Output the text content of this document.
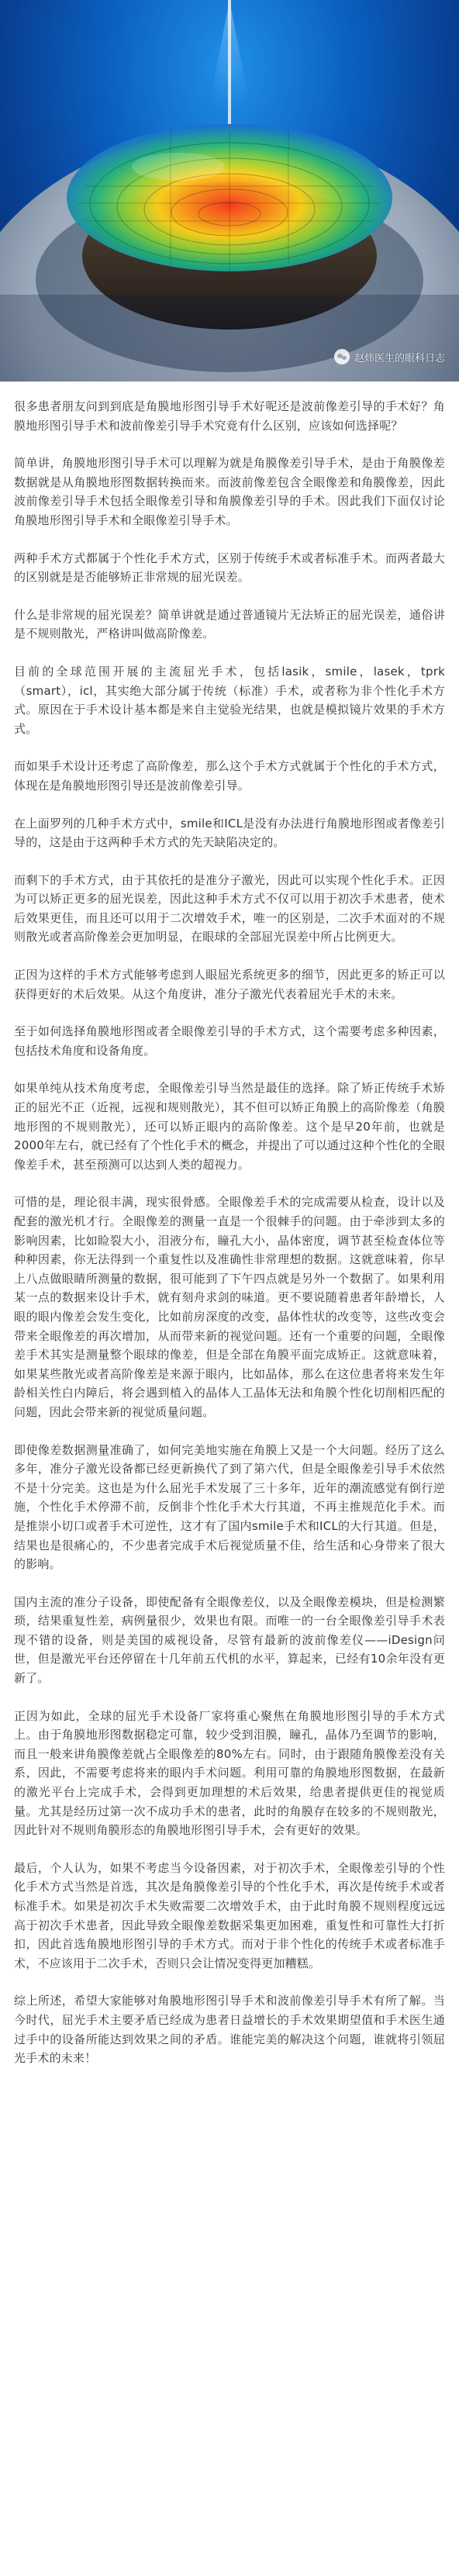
赵炜医生的眼科日志

很多患者朋友问到到底是角膜地形图引导手术好呢还是波前像差引导的手术好？角膜地形图引导手术和波前像差引导手术究竟有什么区别，应该如何选择呢？

简单讲，角膜地形图引导手术可以理解为就是角膜像差引导手术，是由于角膜像差数据就是从角膜地形图数据转换而来。而波前像差包含全眼像差和角膜像差，因此波前像差引导手术包括全眼像差引导和角膜像差引导的手术。因此我们下面仅讨论角膜地形图引导手术和全眼像差引导手术。

两种手术方式都属于个性化手术方式，区别于传统手术或者标准手术。而两者最大的区别就是是否能够矫正非常规的屈光误差。

什么是非常规的屈光误差？简单讲就是通过普通镜片无法矫正的屈光误差，通俗讲是不规则散光，严格讲叫做高阶像差。

目前的全球范围开展的主流屈光手术，包括lasik，smile，lasek，tprk（smart），icl，其实绝大部分属于传统（标准）手术，或者称为非个性化手术方式。原因在于手术设计基本都是来自主觉验光结果，也就是模拟镜片效果的手术方式。

而如果手术设计还考虑了高阶像差，那么这个手术方式就属于个性化的手术方式，体现在是角膜地形图引导还是波前像差引导。

在上面罗列的几种手术方式中，smile和ICL是没有办法进行角膜地形图或者像差引导的，这是由于这两种手术方式的先天缺陷决定的。

而剩下的手术方式，由于其依托的是准分子激光，因此可以实现个性化手术。正因为可以矫正更多的屈光误差，因此这种手术方式不仅可以用于初次手术患者，使术后效果更佳，而且还可以用于二次增效手术，唯一的区别是，二次手术面对的不规则散光或者高阶像差会更加明显，在眼球的全部屈光误差中所占比例更大。

正因为这样的手术方式能够考虑到人眼屈光系统更多的细节，因此更多的矫正可以获得更好的术后效果。从这个角度讲，准分子激光代表着屈光手术的未来。

至于如何选择角膜地形图或者全眼像差引导的手术方式，这个需要考虑多种因素，包括技术角度和设备角度。

如果单纯从技术角度考虑，全眼像差引导当然是最佳的选择。除了矫正传统手术矫正的屈光不正（近视，远视和规则散光），其不但可以矫正角膜上的高阶像差（角膜地形图的不规则散光），还可以矫正眼内的高阶像差。这个是早20年前，也就是2000年左右，就已经有了个性化手术的概念，并提出了可以通过这种个性化的全眼像差手术，甚至预测可以达到人类的超视力。

可惜的是，理论很丰满，现实很骨感。全眼像差手术的完成需要从检查，设计以及配套的激光机才行。全眼像差的测量一直是一个很棘手的问题。由于牵涉到太多的影响因素，比如睑裂大小，泪液分布，瞳孔大小，晶体密度，调节甚至检查体位等种种因素，你无法得到一个重复性以及准确性非常理想的数据。这就意味着，你早上八点做眼睛所测量的数据，很可能到了下午四点就是另外一个数据了。如果利用某一点的数据来设计手术，就有刻舟求剑的味道。更不要说随着患者年龄增长，人眼的眼内像差会发生变化，比如前房深度的改变，晶体性状的改变等，这些改变会带来全眼像差的再次增加，从而带来新的视觉问题。还有一个重要的问题，全眼像差手术其实是测量整个眼球的像差，但是全部在角膜平面完成矫正。这就意味着，如果某些散光或者高阶像差是来源于眼内，比如晶体，那么在这位患者将来发生年龄相关性白内障后，将会遇到植入的晶体人工晶体无法和角膜个性化切削相匹配的问题，因此会带来新的视觉质量问题。

即使像差数据测量准确了，如何完美地实施在角膜上又是一个大问题。经历了这么多年，准分子激光设备都已经更新换代了到了第六代，但是全眼像差引导手术依然不是十分完美。这也是为什么屈光手术发展了三十多年，近年的潮流感觉有倒行逆施，个性化手术停滞不前，反倒非个性化手术大行其道，不再主推规范化手术。而是推崇小切口或者手术可逆性，这才有了国内smile手术和ICL的大行其道。但是，结果也是很痛心的，不少患者完成手术后视觉质量不佳，给生活和心身带来了很大的影响。

国内主流的准分子设备，即使配备有全眼像差仪，以及全眼像差模块，但是检测繁琐，结果重复性差，病例量很少，效果也有限。而唯一的一台全眼像差引导手术表现不错的设备，则是美国的威视设备，尽管有最新的波前像差仪——iDesign问世，但是激光平台还停留在十几年前五代机的水平，算起来，已经有10余年没有更新了。

正因为如此，全球的屈光手术设备厂家将重心聚焦在角膜地形图引导的手术方式上。由于角膜地形图数据稳定可靠，较少受到泪膜，瞳孔，晶体乃至调节的影响，而且一般来讲角膜像差就占全眼像差的80%左右。同时，由于跟随角膜像差没有关系，因此，不需要考虑将来的眼内手术问题。利用可靠的角膜地形图数据，在最新的激光平台上完成手术，会得到更加理想的术后效果，给患者提供更佳的视觉质量。尤其是经历过第一次不成功手术的患者，此时的角膜存在较多的不规则散光，因此针对不规则角膜形态的角膜地形图引导手术，会有更好的效果。

最后，个人认为，如果不考虑当今设备因素，对于初次手术，全眼像差引导的个性化手术方式当然是首选，其次是角膜像差引导的个性化手术，再次是传统手术或者标准手术。如果是初次手术失败需要二次增效手术，由于此时角膜不规则程度远远高于初次手术患者，因此导致全眼像差数据采集更加困难，重复性和可靠性大打折扣，因此首选角膜地形图引导的手术方式。而对于非个性化的传统手术或者标准手术，不应该用于二次手术，否则只会让情况变得更加糟糕。

综上所述，希望大家能够对角膜地形图引导手术和波前像差引导手术有所了解。当今时代，屈光手术主要矛盾已经成为患者日益增长的手术效果期望值和手术医生通过手中的设备所能达到效果之间的矛盾。谁能完美的解决这个问题，谁就将引领屈光手术的未来！
